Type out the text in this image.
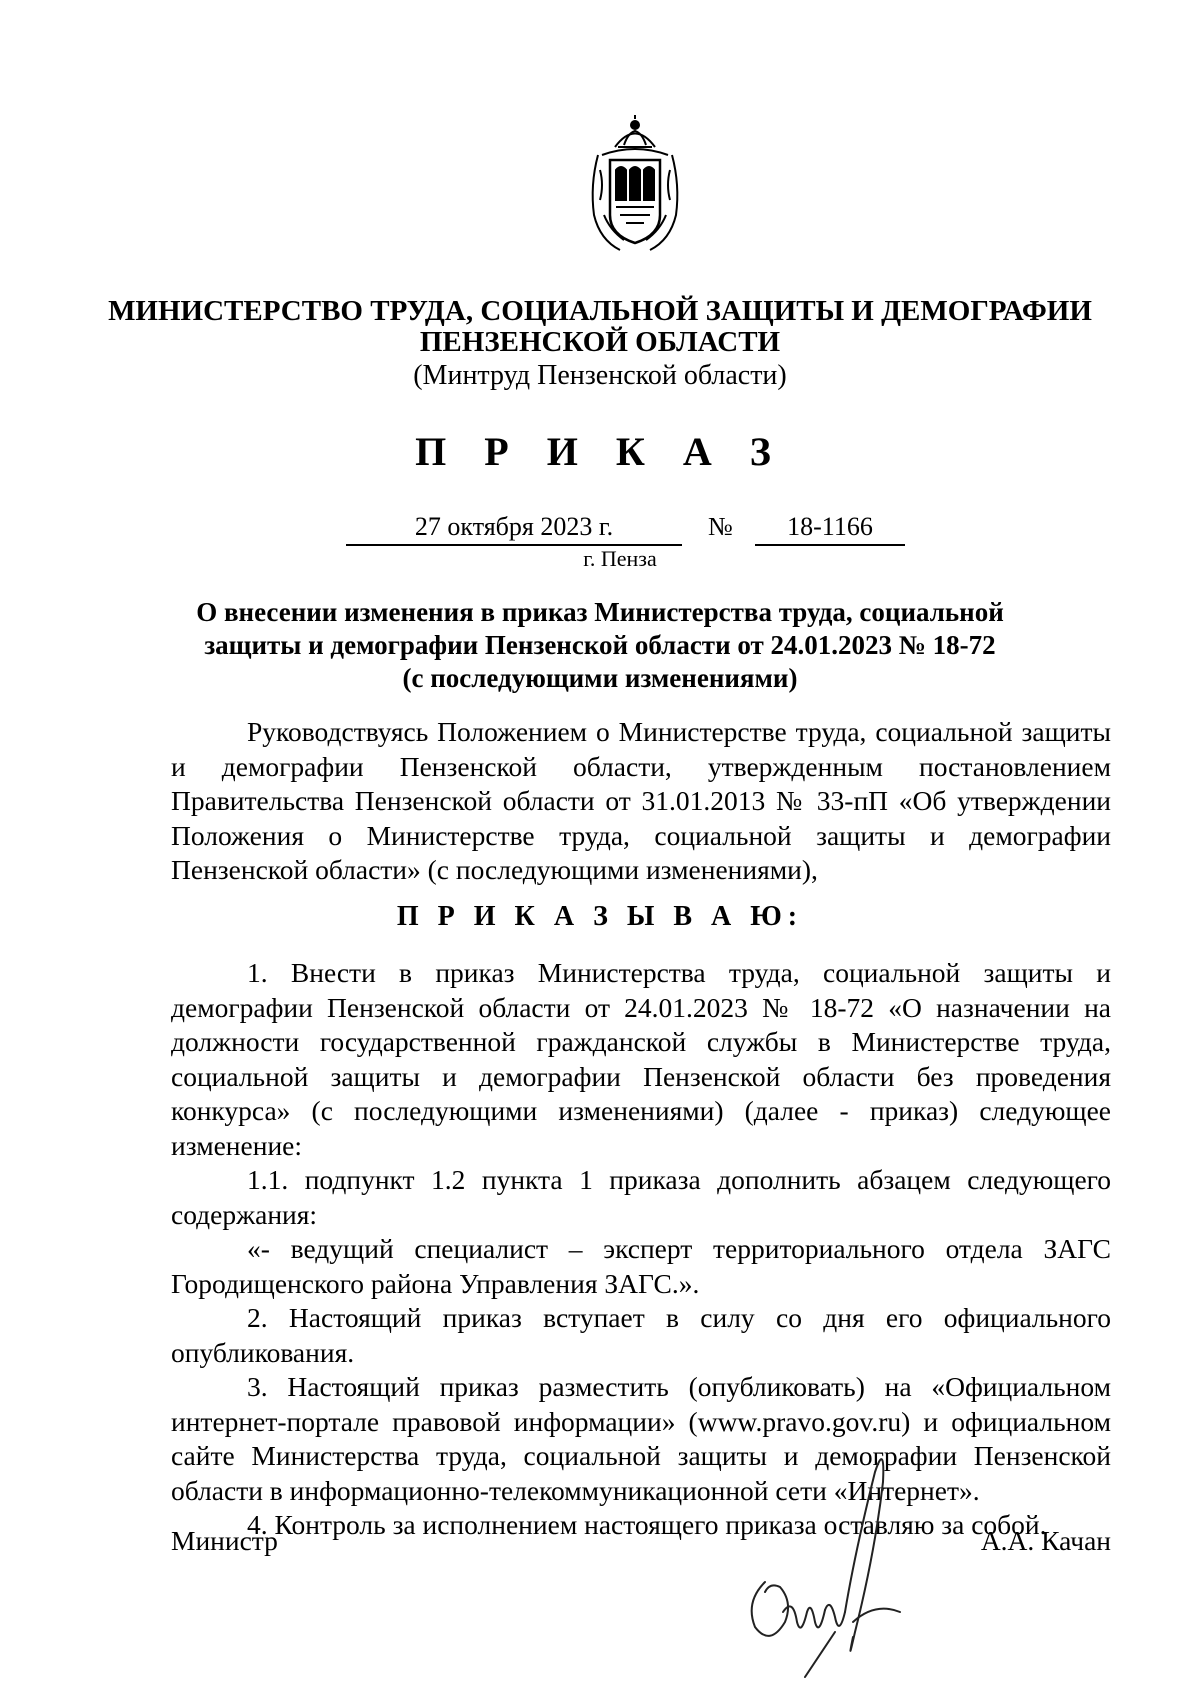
МИНИСТЕРСТВО ТРУДА, СОЦИАЛЬНОЙ ЗАЩИТЫ И ДЕМОГРАФИИ
ПЕНЗЕНСКОЙ ОБЛАСТИ
(Минтруд Пензенской области)
П Р И К А З
27 октября 2023 г.	№	18-1166
г. Пенза
О внесении изменения в приказ Министерства труда, социальной
защиты и демографии Пензенской области от 24.01.2023 № 18-72
(с последующими изменениями)

Руководствуясь Положением о Министерстве труда, социальной защиты и демографии Пензенской области, утвержденным постановлением Правительства Пензенской области от 31.01.2013 № 33-пП «Об утверждении Положения о Министерстве труда, социальной защиты и демографии Пензенской области» (с последующими изменениями),

П Р И К А З Ы В А Ю:

1. Внести в приказ Министерства труда, социальной защиты и демографии Пензенской области от 24.01.2023 № 18-72 «О назначении на должности государственной гражданской службы в Министерстве труда, социальной защиты и демографии Пензенской области без проведения конкурса» (с последующими изменениями) (далее - приказ) следующее изменение:

1.1. подпункт 1.2 пункта 1 приказа дополнить абзацем следующего содержания:

«- ведущий специалист – эксперт территориального отдела ЗАГС Городищенского района Управления ЗАГС.».

2. Настоящий приказ вступает в силу со дня его официального опубликования.

3. Настоящий приказ разместить (опубликовать) на «Официальном интернет-портале правовой информации» (www.pravo.gov.ru) и официальном сайте Министерства труда, социальной защиты и демографии Пензенской области в информационно-телекоммуникационной сети «Интернет».

4. Контроль за исполнением настоящего приказа оставляю за собой.

Министр	А.А. Качан
